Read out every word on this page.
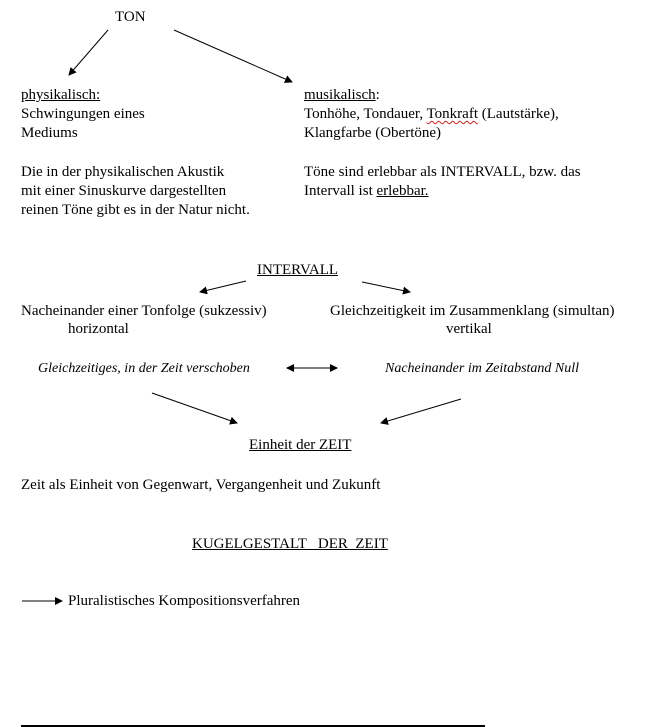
TON
physikalisch:
Schwingungen eines
Mediums
Die in der physikalischen Akustik
mit einer Sinuskurve dargestellten
reinen Töne gibt es in der Natur nicht.
musikalisch:
Tonhöhe, Tondauer, Tonkraft (Lautstärke),
Klangfarbe (Obertöne)
Töne sind erlebbar als INTERVALL, bzw. das
Intervall ist erlebbar.
INTERVALL
Nacheinander einer Tonfolge (sukzessiv)
horizontal
Gleichzeitigkeit im Zusammenklang (simultan)
vertikal
Gleichzeitiges, in der Zeit verschoben	Nacheinander im Zeitabstand Null
Einheit der ZEIT
Zeit als Einheit von Gegenwart, Vergangenheit und Zukunft
KUGELGESTALT   DER  ZEIT
Pluralistisches Kompositionsverfahren
